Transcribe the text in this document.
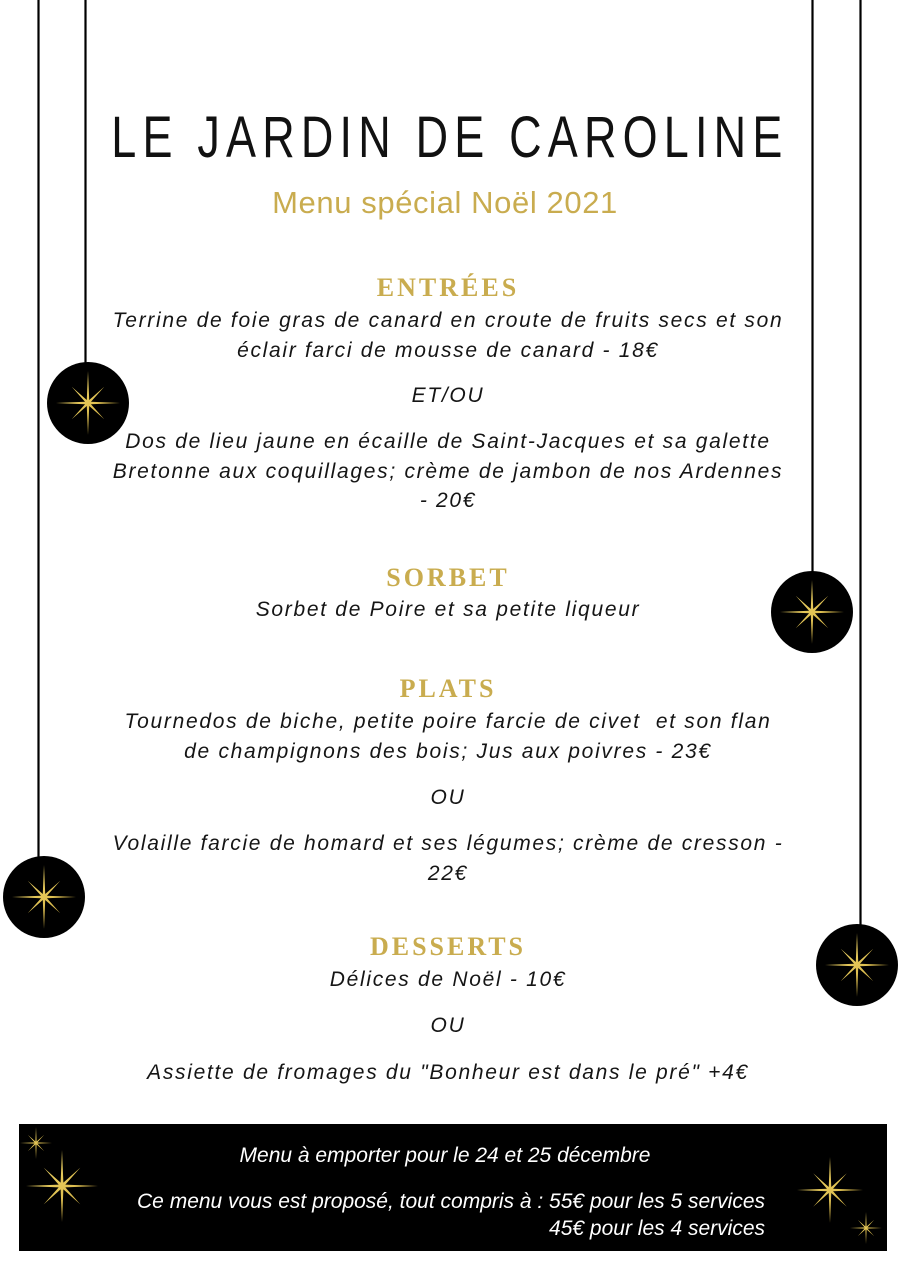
LE JARDIN DE CAROLINE
Menu spécial Noël 2021
ENTRÉES
Terrine de foie gras de canard en croute de fruits secs et son
éclair farci de mousse de canard - 18€
ET/OU
Dos de lieu jaune en écaille de Saint-Jacques et sa galette
Bretonne aux coquillages; crème de jambon de nos Ardennes
- 20€
SORBET
Sorbet de Poire et sa petite liqueur
PLATS
Tournedos de biche, petite poire farcie de civet  et son flan
de champignons des bois; Jus aux poivres - 23€
OU
Volaille farcie de homard et ses légumes; crème de cresson -
22€
DESSERTS
Délices de Noël - 10€
OU
Assiette de fromages du "Bonheur est dans le pré" +4€
Menu à emporter pour le 24 et 25 décembre
Ce menu vous est proposé, tout compris à : 55€ pour les 5 services
45€ pour les 4 services
